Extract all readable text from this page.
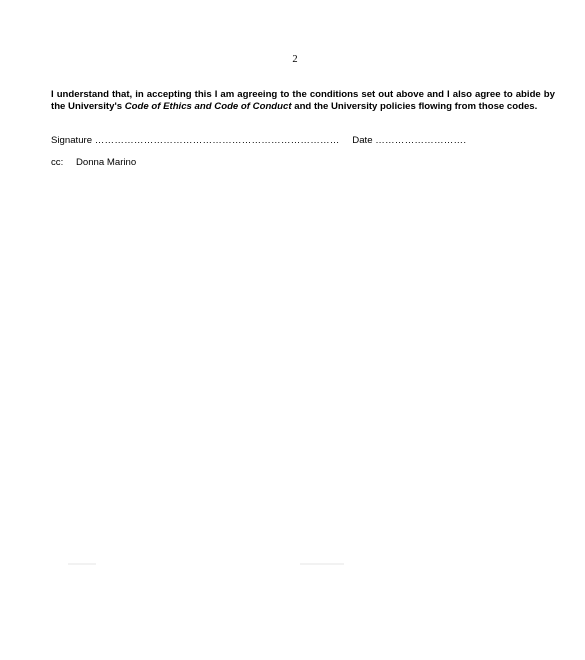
2

I understand that, in accepting this I am agreeing to the conditions set out above and I also agree to abide by the University's Code of Ethics and Code of Conduct and the University policies flowing from those codes.

Signature ………………………………………………………………… Date ……………………….
cc: Donna Marino
